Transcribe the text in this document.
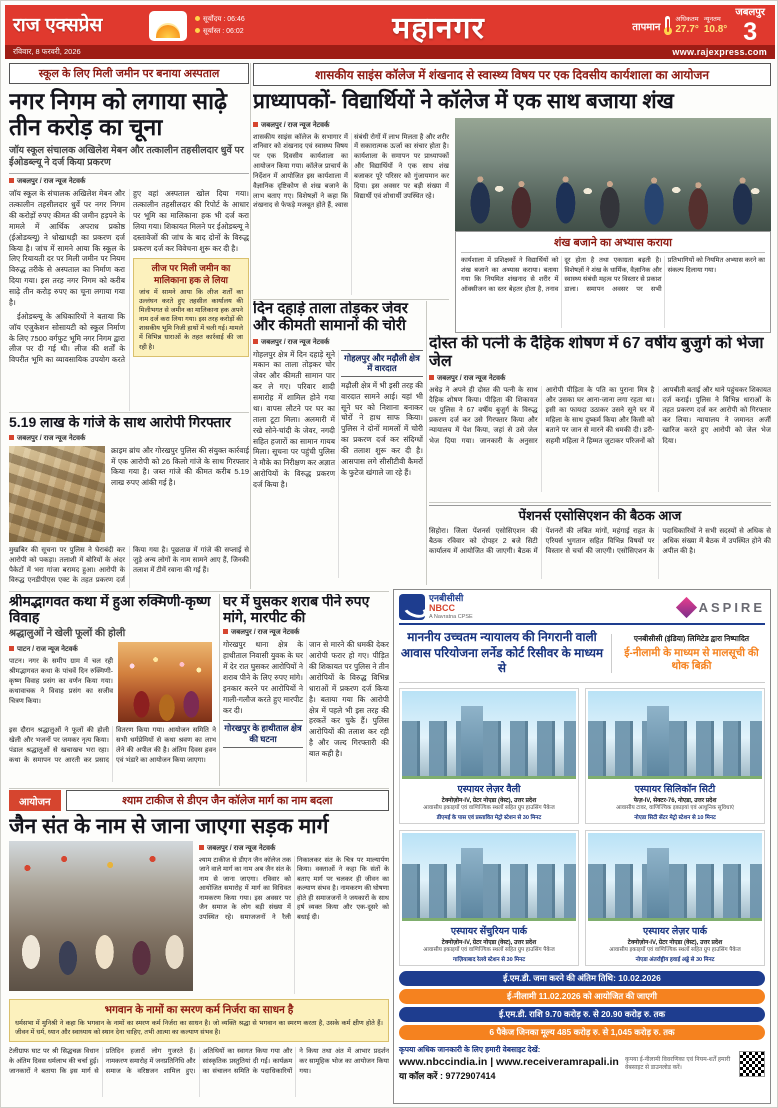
राज एक्सप्रेस	सूर्योदय : 06:46
सूर्यास्त : 06:02	महानगर	तापमान
अधिकतम
27.7°
न्यूनतम
10.8°
जबलपुर
3
रविवार, 8 फरवरी, 2026	www.rajexpress.com
स्कूल के लिए मिली जमीन पर बनाया अस्पताल
नगर निगम को लगाया साढ़े तीन करोड़ का चूना
जॉय स्कूल संचालक अखिलेश मेबन और तत्कालीन तहसीलदार धुर्वे पर ईओडब्ल्यू ने दर्ज किया प्रकरण
जबलपुर / राज न्यूज नेटवर्क

जॉय स्कूल के संचालक अखिलेश मेबन और तत्कालीन तहसीलदार धुर्वे पर नगर निगम की करोड़ों रुपए कीमत की जमीन हड़पने के मामले में आर्थिक अपराध प्रकोष्ठ (ईओडब्ल्यू) ने धोखाधड़ी का प्रकरण दर्ज किया है। जांच में सामने आया कि स्कूल के लिए रियायती दर पर मिली जमीन पर नियम विरुद्ध तरीके से अस्पताल का निर्माण करा दिया गया। इस तरह नगर निगम को करीब साढ़े तीन करोड़ रुपए का चूना लगाया गया है।

ईओडब्ल्यू के अधिकारियों ने बताया कि जॉय एजुकेशन सोसायटी को स्कूल निर्माण के लिए 7500 वर्गफुट भूमि नगर निगम द्वारा लीज पर दी गई थी। लीज की शर्तों के विपरीत भूमि का व्यावसायिक उपयोग करते हुए वहां अस्पताल खोल दिया गया। तत्कालीन तहसीलदार की रिपोर्ट के आधार पर भूमि का मालिकाना हक भी दर्ज करा लिया गया। शिकायत मिलने पर ईओडब्ल्यू ने दस्तावेजों की जांच के बाद दोनों के विरुद्ध प्रकरण दर्ज कर विवेचना शुरू कर दी है।

लीज पर मिली जमीन का मालिकाना हक ले लिया

जांच में सामने आया कि लीज शर्तों का उल्लंघन करते हुए तहसील कार्यालय की मिलीभगत से जमीन का मालिकाना हक अपने नाम दर्ज करा लिया गया। इस तरह करोड़ों की शासकीय भूमि निजी हाथों में चली गई। मामले में विभिन्न धाराओं के तहत कार्रवाई की जा रही है।

शासकीय साइंस कॉलेज में शंखनाद से स्वास्थ्य विषय पर एक दिवसीय कार्यशाला का आयोजन
प्राध्यापकों- विद्यार्थियों ने कॉलेज में एक साथ बजाया शंख
जबलपुर / राज न्यूज नेटवर्क
शासकीय साइंस कॉलेज के सभागार में शनिवार को शंखनाद एवं स्वास्थ्य विषय पर एक दिवसीय कार्यशाला का आयोजन किया गया। कॉलेज प्राचार्य के निर्देशन में आयोजित इस कार्यशाला में वैज्ञानिक दृष्टिकोण से शंख बजाने के लाभ बताए गए। विशेषज्ञों ने कहा कि शंखनाद से फेफड़े मजबूत होते हैं, श्वास संबंधी रोगों में लाभ मिलता है और शरीर में सकारात्मक ऊर्जा का संचार होता है। कार्यशाला के समापन पर प्राध्यापकों और विद्यार्थियों ने एक साथ शंख बजाकर पूरे परिसर को गुंजायमान कर दिया। इस अवसर पर बड़ी संख्या में विद्यार्थी एवं शोधार्थी उपस्थित रहे।
शंख बजाने का अभ्यास कराया
कार्यशाला में प्रशिक्षकों ने विद्यार्थियों को शंख बजाने का अभ्यास कराया। बताया गया कि नियमित शंखनाद से शरीर में ऑक्सीजन का स्तर बेहतर होता है, तनाव दूर होता है तथा एकाग्रता बढ़ती है। विशेषज्ञों ने शंख के धार्मिक, वैज्ञानिक और स्वास्थ्य संबंधी महत्व पर विस्तार से प्रकाश डाला। समापन अवसर पर सभी प्रतिभागियों को नियमित अभ्यास करने का संकल्प दिलाया गया।
दिन दहाड़े ताला तोड़कर जेवर और कीमती सामानों की चोरी
जबलपुर / राज न्यूज नेटवर्क

गोहलपुर क्षेत्र में दिन दहाड़े सूने मकान का ताला तोड़कर चोर जेवर और कीमती सामान पार कर ले गए। परिवार शादी समारोह में शामिल होने गया था। वापस लौटने पर घर का ताला टूटा मिला। अलमारी में रखे सोने-चांदी के जेवर, नगदी सहित हजारों का सामान गायब मिला। सूचना पर पहुंची पुलिस ने मौके का निरीक्षण कर अज्ञात आरोपियों के विरुद्ध प्रकरण दर्ज किया है।

गोहलपुर और मढ़ौली क्षेत्र में वारदात

मढ़ौली क्षेत्र में भी इसी तरह की वारदात सामने आई। यहां भी सूने घर को निशाना बनाकर चोरों ने हाथ साफ किया। पुलिस ने दोनों मामलों में चोरी का प्रकरण दर्ज कर संदिग्धों की तलाश शुरू कर दी है। आसपास लगे सीसीटीवी कैमरों के फुटेज खंगाले जा रहे हैं।

दोस्त की पत्नी के दैहिक शोषण में 67 वर्षीय बुजुर्ग को भेजा जेल
जबलपुर / राज न्यूज नेटवर्क
अधेड़ ने अपने ही दोस्त की पत्नी के साथ दैहिक शोषण किया। पीड़िता की शिकायत पर पुलिस ने 67 वर्षीय बुजुर्ग के विरुद्ध प्रकरण दर्ज कर उसे गिरफ्तार किया और न्यायालय में पेश किया, जहां से उसे जेल भेज दिया गया। जानकारी के अनुसार आरोपी पीड़िता के पति का पुराना मित्र है और उसका घर आना-जाना लगा रहता था। इसी का फायदा उठाकर उसने सूने घर में महिला के साथ दुष्कर्म किया और किसी को बताने पर जान से मारने की धमकी दी। डरी-सहमी महिला ने हिम्मत जुटाकर परिजनों को आपबीती बताई और थाने पहुंचकर शिकायत दर्ज कराई। पुलिस ने विभिन्न धाराओं के तहत प्रकरण दर्ज कर आरोपी को गिरफ्तार कर लिया। न्यायालय ने जमानत अर्जी खारिज करते हुए आरोपी को जेल भेज दिया।
पेंशनर्स एसोसिएशन की बैठक आज
सिहोरा। जिला पेंशनर्स एसोसिएशन की बैठक रविवार को दोपहर 2 बजे सिटी कार्यालय में आयोजित की जाएगी। बैठक में पेंशनरों की लंबित मांगों, महंगाई राहत के एरियर्स भुगतान सहित विभिन्न विषयों पर विस्तार से चर्चा की जाएगी। एसोसिएशन के पदाधिकारियों ने सभी सदस्यों से अधिक से अधिक संख्या में बैठक में उपस्थित होने की अपील की है।
5.19 लाख के गांजे के साथ आरोपी गिरफ्तार
जबलपुर / राज न्यूज नेटवर्क

क्राइम ब्रांच और गोरखपुर पुलिस की संयुक्त कार्रवाई में एक आरोपी को 26 किलो गांजे के साथ गिरफ्तार किया गया है। जब्त गांजे की कीमत करीब 5.19 लाख रुपए आंकी गई है।

मुखबिर की सूचना पर पुलिस ने घेराबंदी कर आरोपी को पकड़ा। तलाशी में बोरियों के अंदर पैकेटों में भरा गांजा बरामद हुआ। आरोपी के विरुद्ध एनडीपीएस एक्ट के तहत प्रकरण दर्ज किया गया है। पूछताछ में गांजे की सप्लाई से जुड़े अन्य लोगों के नाम सामने आए हैं, जिनकी तलाश में टीमें रवाना की गई हैं।
श्रीमद्भागवत कथा में हुआ रुक्मिणी-कृष्ण विवाह
श्रद्धालुओं ने खेली फूलों की होली
पाटन / राज न्यूज नेटवर्क

पाटन। नगर के समीप ग्राम में चल रही श्रीमद्भागवत कथा के पांचवें दिन रुक्मिणी-कृष्ण विवाह प्रसंग का वर्णन किया गया। कथावाचक ने विवाह प्रसंग का सजीव चित्रण किया।

इस दौरान श्रद्धालुओं ने फूलों की होली खेली और भजनों पर जमकर नृत्य किया। पंडाल श्रद्धालुओं से खचाखच भरा रहा। कथा के समापन पर आरती कर प्रसाद वितरण किया गया। आयोजन समिति ने सभी धर्मप्रेमियों से कथा श्रवण का लाभ लेने की अपील की है। अंतिम दिवस हवन एवं भंडारे का आयोजन किया जाएगा।
घर में घुसकर शराब पीने रुपए मांगे, मारपीट की
जबलपुर / राज न्यूज नेटवर्क

गोरखपुर थाना क्षेत्र के हाथीताल निवासी युवक के घर में देर रात घुसकर आरोपियों ने शराब पीने के लिए रुपए मांगे। इनकार करने पर आरोपियों ने गाली-गलौज करते हुए मारपीट कर दी।

गोरखपुर के हाथीताल क्षेत्र की घटना

जान से मारने की धमकी देकर आरोपी फरार हो गए। पीड़ित की शिकायत पर पुलिस ने तीन आरोपियों के विरुद्ध विभिन्न धाराओं में प्रकरण दर्ज किया है। बताया गया कि आरोपी क्षेत्र में पहले भी इस तरह की हरकतें कर चुके हैं। पुलिस आरोपियों की तलाश कर रही है और जल्द गिरफ्तारी की बात कही है।

आयोजन	श्याम टाकीज से डीएन जैन कॉलेज मार्ग का नाम बदला
जैन संत के नाम से जाना जाएगा सड़क मार्ग
जबलपुर / राज न्यूज नेटवर्क
श्याम टाकीज से डीएन जैन कॉलेज तक जाने वाले मार्ग का नाम अब जैन संत के नाम से जाना जाएगा। रविवार को आयोजित समारोह में मार्ग का विधिवत नामकरण किया गया। इस अवसर पर जैन समाज के लोग बड़ी संख्या में उपस्थित रहे। समाजजनों ने रैली निकालकर संत के चित्र पर माल्यार्पण किया। वक्ताओं ने कहा कि संतों के बताए मार्ग पर चलकर ही जीवन का कल्याण संभव है। नामकरण की घोषणा होते ही समाजजनों ने जयकारों के साथ हर्ष व्यक्त किया और एक-दूसरे को बधाई दी।
भगवान के नामों का स्मरण कर्म निर्जरा का साधन है

धर्मसभा में मुनिश्री ने कहा कि भगवान के नामों का स्मरण कर्म निर्जरा का साधन है। जो व्यक्ति श्रद्धा से भगवान का स्मरण करता है, उसके कर्म क्षीण होते हैं। जीवन में धर्म, ध्यान और स्वाध्याय को स्थान देना चाहिए, तभी आत्मा का कल्याण संभव है।

टेलीग्राफ घाट पर श्री सिद्धचक्र विधान के अंतिम दिवस धर्मलाभ की चर्चा हुई। जानकारों ने बताया कि इस मार्ग से प्रतिदिन हजारों लोग गुजरते हैं। नामकरण समारोह में जनप्रतिनिधि और समाज के वरिष्ठजन शामिल हुए। अतिथियों का स्वागत किया गया और सांस्कृतिक प्रस्तुतियां दी गईं। कार्यक्रम का संचालन समिति के पदाधिकारियों ने किया तथा अंत में आभार प्रदर्शन कर सामूहिक भोज का आयोजन किया गया।
एनबीसीसी
NBCC
A Navratna CPSE
ASPIRE
माननीय उच्चतम न्यायालय की निगरानी वाली आवास परियोजना लर्नेड कोर्ट रिसीवर के माध्यम से
एनबीसीसी (इंडिया) लिमिटेड द्वारा निष्पादित
ई-नीलामी के माध्यम से मालसूची की थोक बिक्री
एस्पायर लेज़र वैली
टेक्नोज़ोन-IV, ग्रेटर नोएडा (वेस्ट), उत्तर प्रदेश
आवासीय इकाइयों एवं वाणिज्यिक स्थलों सहित ग्रुप हाउसिंग पैकेज
डीएमई के पास एवं प्रस्तावित मेट्रो स्टेशन से 30 मिनट
एस्पायर सिलिकॉन सिटी
फेज़-IV, सेक्टर-76, नोएडा, उत्तर प्रदेश
आवासीय टावर, वाणिज्यिक इकाइयां एवं आधुनिक सुविधाएं
नोएडा सिटी सेंटर मेट्रो स्टेशन से 10 मिनट
एस्पायर सेंचुरियन पार्क
टेक्नोज़ोन-IV, ग्रेटर नोएडा (वेस्ट), उत्तर प्रदेश
आवासीय इकाइयों एवं वाणिज्यिक स्थलों सहित ग्रुप हाउसिंग पैकेज
गाज़ियाबाद रेलवे स्टेशन से 30 मिनट
एस्पायर लेज़र पार्क
टेक्नोज़ोन-IV, ग्रेटर नोएडा (वेस्ट), उत्तर प्रदेश
आवासीय इकाइयों एवं वाणिज्यिक स्थलों सहित ग्रुप हाउसिंग पैकेज
नोएडा अंतर्राष्ट्रीय हवाई अड्डे से 30 मिनट
ई.एम.डी. जमा करने की अंतिम तिथि: 10.02.2026
ई-नीलामी 11.02.2026 को आयोजित की जाएगी
ई.एम.डी. राशि 9.70 करोड़ रु. से 20.90 करोड़ रु. तक
6 पैकेज जिनका मूल्य 485 करोड़ रु. से 1,045 करोड़ रु. तक
कृपया अधिक जानकारी के लिए हमारी वेबसाइट देखें:
www.nbccindia.in | www.receiveramrapali.in
या कॉल करें : 9772907414
कृपया ई-नीलामी विवरणिका एवं नियम-शर्तें हमारी वेबसाइट से डाउनलोड करें।
